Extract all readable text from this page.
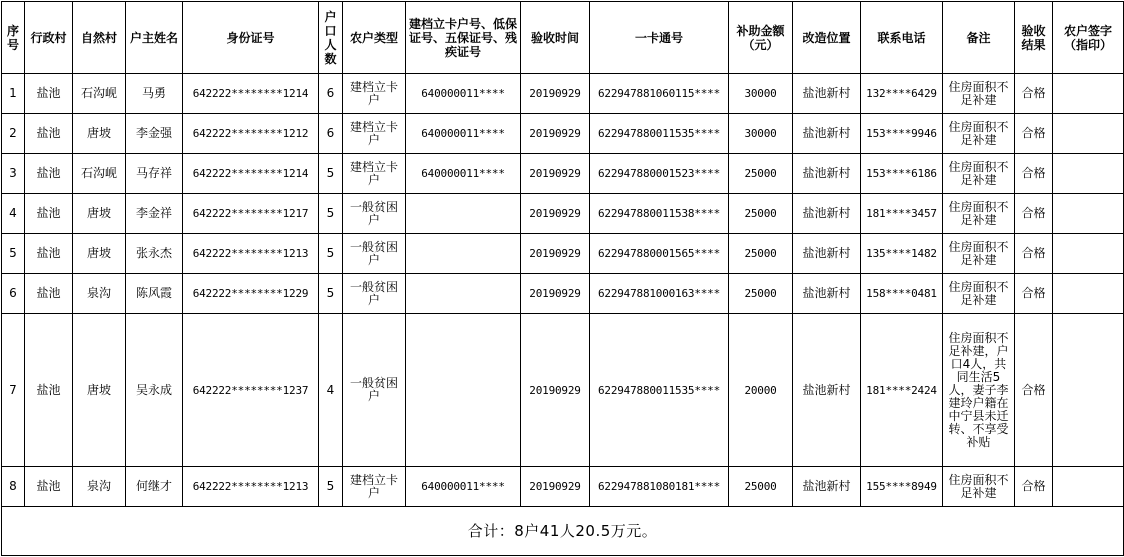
序号	行政村	自然村	户主姓名	身份证号	户口人数	农户类型	建档立卡户号、低保证号、五保证号、残疾证号	验收时间	一卡通号	补助金额（元）	改造位置	联系电话	备注	验收结果	农户签字（指印）
1	盐池	石沟岘	马勇	642222********1214	6	建档立卡户	640000011****	20190929	622947881060115****	30000	盐池新村	132****6429	住房面积不足补建	合格	
2	盐池	唐坡	李金强	642222********1212	6	建档立卡户	640000011****	20190929	622947880011535****	30000	盐池新村	153****9946	住房面积不足补建	合格	
3	盐池	石沟岘	马存祥	642222********1214	5	建档立卡户	640000011****	20190929	622947880001523****	25000	盐池新村	153****6186	住房面积不足补建	合格	
4	盐池	唐坡	李金祥	642222********1217	5	一般贫困户		20190929	622947880011538****	25000	盐池新村	181****3457	住房面积不足补建	合格	
5	盐池	唐坡	张永杰	642222********1213	5	一般贫困户		20190929	622947880001565****	25000	盐池新村	135****1482	住房面积不足补建	合格	
6	盐池	泉沟	陈风霞	642222********1229	5	一般贫困户		20190929	622947881000163****	25000	盐池新村	158****0481	住房面积不足补建	合格	
7	盐池	唐坡	吴永成	642222********1237	4	一般贫困户		20190929	622947880011535****	20000	盐池新村	181****2424	住房面积不足补建，户口4人，共同生活5人，妻子李建玲户籍在中宁县未迁转、不享受补贴	合格	
8	盐池	泉沟	何继才	642222********1213	5	建档立卡户	640000011****	20190929	622947881080181****	25000	盐池新村	155****8949	住房面积不足补建	合格	
合计：8户41人20.5万元。															
